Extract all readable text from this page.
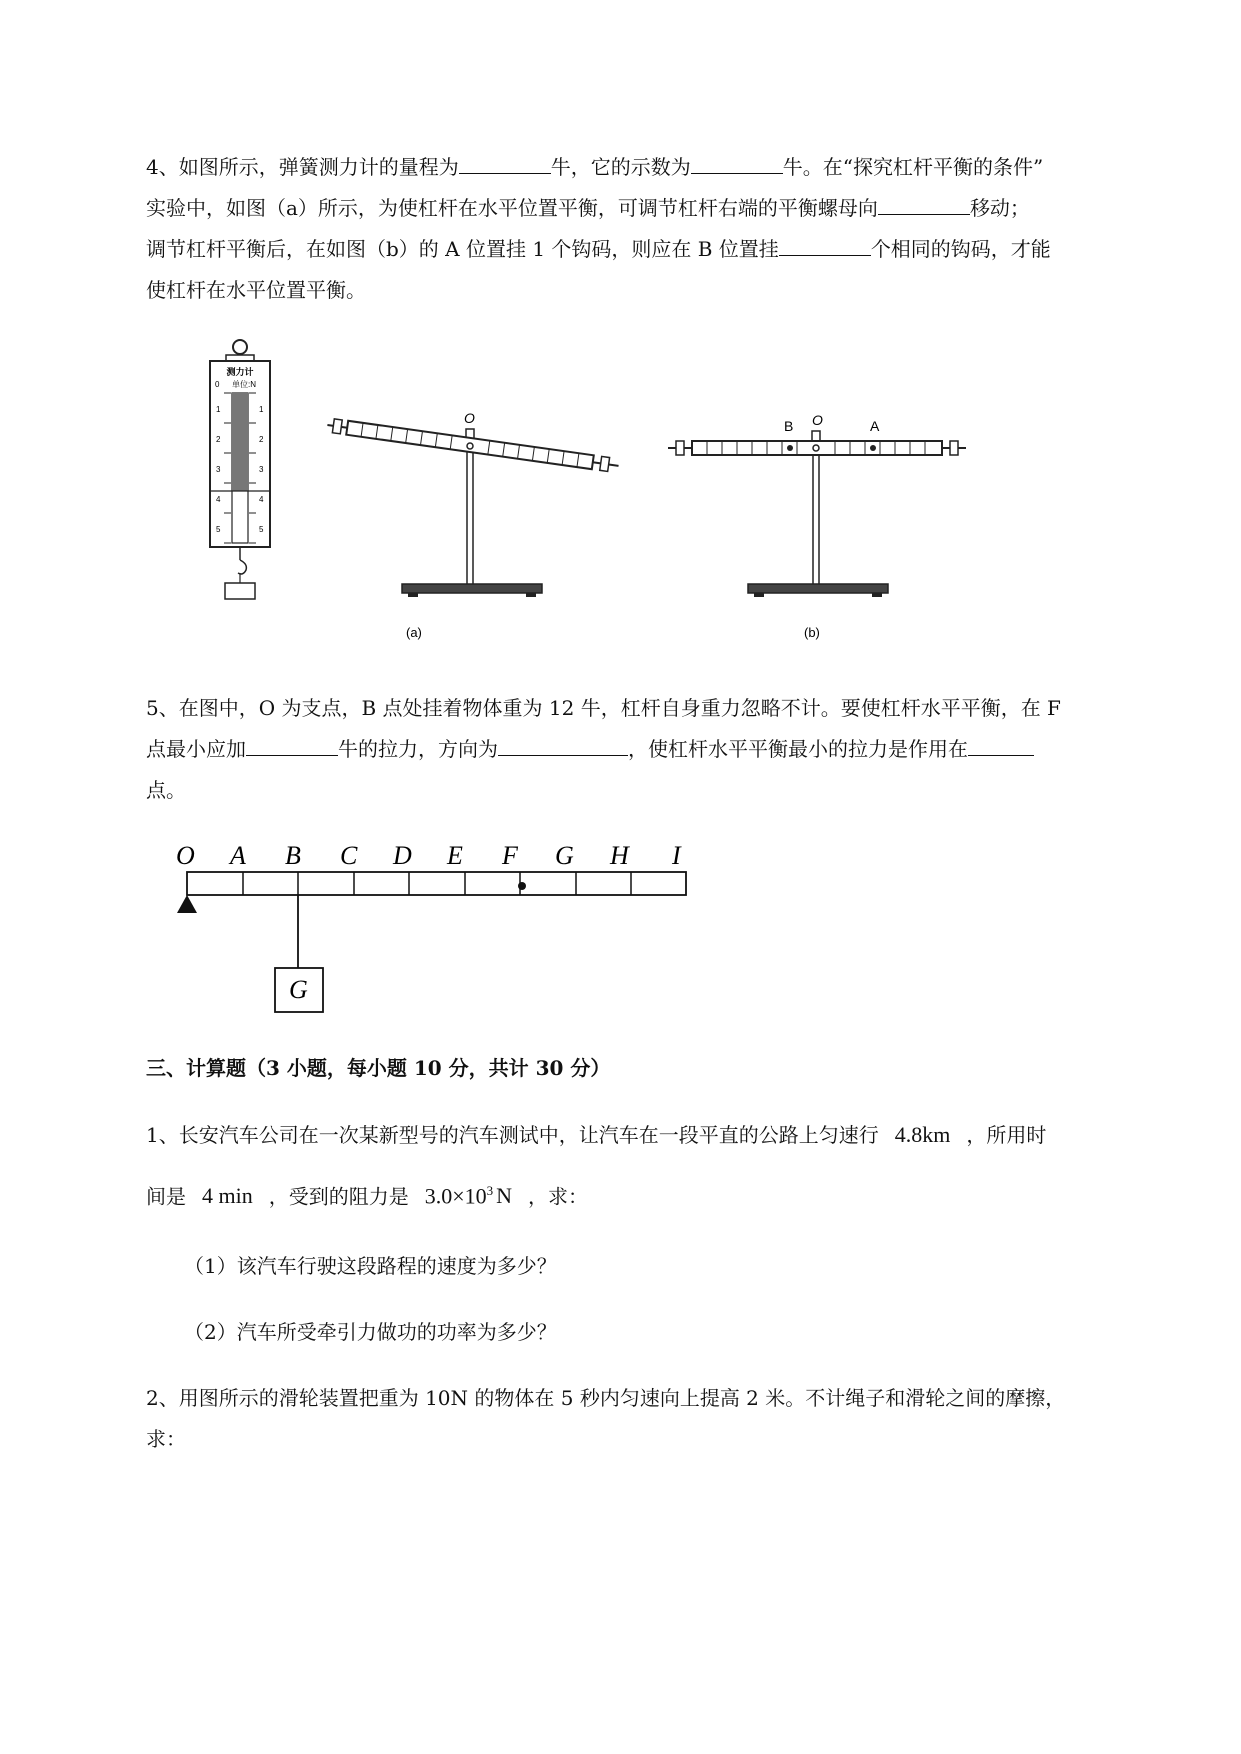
4、如图所示，弹簧测力计的量程为	牛，它的示数为	牛。在“探究杠杆平衡的条件”
实验中，如图（a）所示，为使杠杆在水平位置平衡，可调节杠杆右端的平衡螺母向	移动；
调节杠杆平衡后，在如图（b）的 A 位置挂 1 个钩码，则应在 B 位置挂	个相同的钩码，才能
使杠杆在水平位置平衡。
测力计
单位:N
0
1
2
3
4
5
1
2
3
4
5
O
(a)
B O	A
(b)
5、在图中，O 为支点，B 点处挂着物体重为 12 牛，杠杆自身重力忽略不计。要使杠杆水平平衡，在 F
点最小应加	牛的拉力，方向为	，使杠杆水平平衡最小的拉力是作用在
点。
O A B C D E F G H I
G
三、计算题（3 小题，每小题 10 分，共计 30 分）
1、长安汽车公司在一次某新型号的汽车测试中，让汽车在一段平直的公路上匀速行 4.8km ，所用时
间是 4 min ，受到的阻力是 $3.0\times 10^3$ N ，求：
（1）该汽车行驶这段路程的速度为多少？
（2）汽车所受牵引力做功的功率为多少？
2、用图所示的滑轮装置把重为 10N 的物体在 5 秒内匀速向上提高 2 米。不计绳子和滑轮之间的摩擦，
求：
